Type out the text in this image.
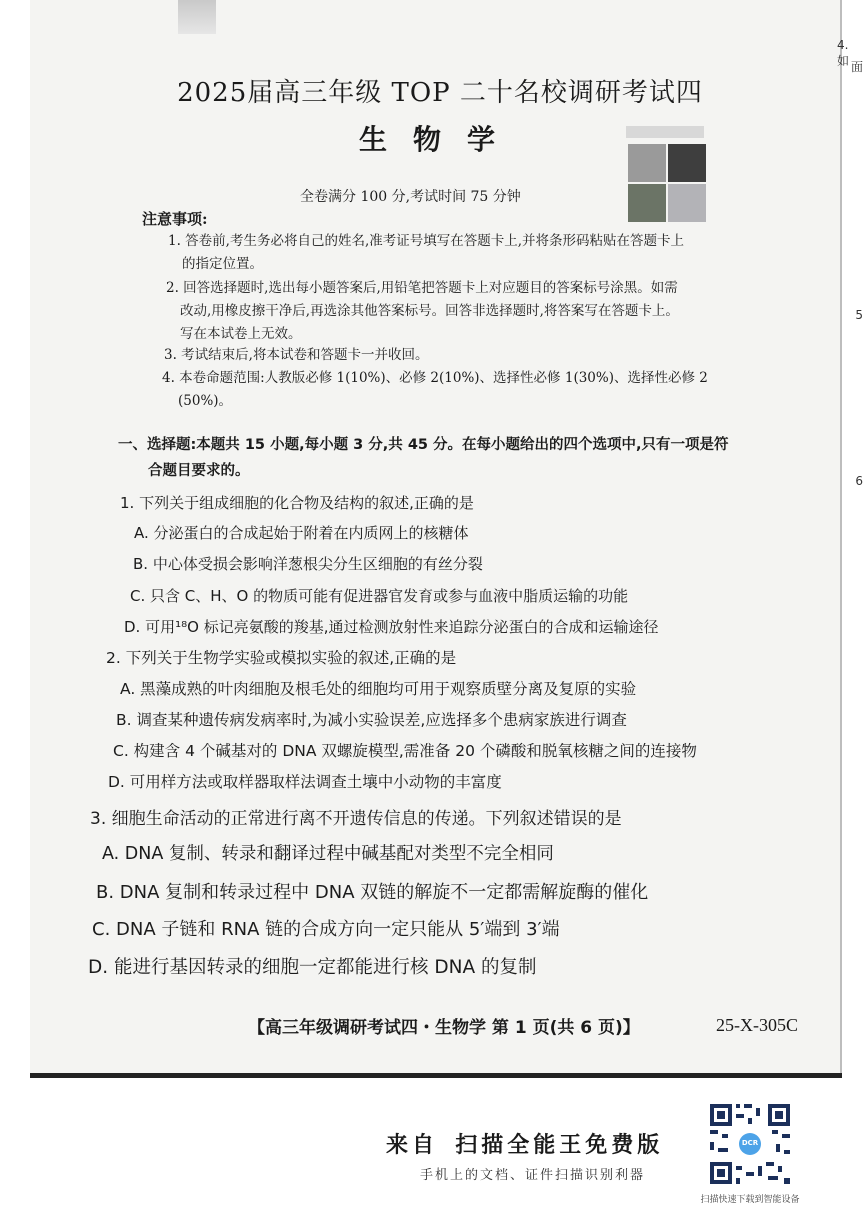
4. 如 面
5
6
2025届高三年级 TOP 二十名校调研考试四
生物学
全卷满分 100 分,考试时间 75 分钟
注意事项:
1. 答卷前,考生务必将自己的姓名,准考证号填写在答题卡上,并将条形码粘贴在答题卡上
的指定位置。
2. 回答选择题时,选出每小题答案后,用铅笔把答题卡上对应题目的答案标号涂黑。如需
改动,用橡皮擦干净后,再选涂其他答案标号。回答非选择题时,将答案写在答题卡上。
写在本试卷上无效。
3. 考试结束后,将本试卷和答题卡一并收回。
4. 本卷命题范围:人教版必修 1(10%)、必修 2(10%)、选择性必修 1(30%)、选择性必修 2
(50%)。
一、选择题:本题共 15 小题,每小题 3 分,共 45 分。在每小题给出的四个选项中,只有一项是符
合题目要求的。
1. 下列关于组成细胞的化合物及结构的叙述,正确的是
A. 分泌蛋白的合成起始于附着在内质网上的核糖体
B. 中心体受损会影响洋葱根尖分生区细胞的有丝分裂
C. 只含 C、H、O 的物质可能有促进器官发育或参与血液中脂质运输的功能
D. 可用¹⁸O 标记亮氨酸的羧基,通过检测放射性来追踪分泌蛋白的合成和运输途径
2. 下列关于生物学实验或模拟实验的叙述,正确的是
A. 黑藻成熟的叶肉细胞及根毛处的细胞均可用于观察质壁分离及复原的实验
B. 调查某种遗传病发病率时,为减小实验误差,应选择多个患病家族进行调查
C. 构建含 4 个碱基对的 DNA 双螺旋模型,需准备 20 个磷酸和脱氧核糖之间的连接物
D. 可用样方法或取样器取样法调查土壤中小动物的丰富度
3. 细胞生命活动的正常进行离不开遗传信息的传递。下列叙述错误的是
A. DNA 复制、转录和翻译过程中碱基配对类型不完全相同
B. DNA 复制和转录过程中 DNA 双链的解旋不一定都需解旋酶的催化
C. DNA 子链和 RNA 链的合成方向一定只能从 5′端到 3′端
D. 能进行基因转录的细胞一定都能进行核 DNA 的复制
【高三年级调研考试四・生物学 第 1 页(共 6 页)】	25-X-305C
来自 扫描全能王免费版
手机上的文档、证件扫描识别利器
DCR
扫描快速下载到智能设备
